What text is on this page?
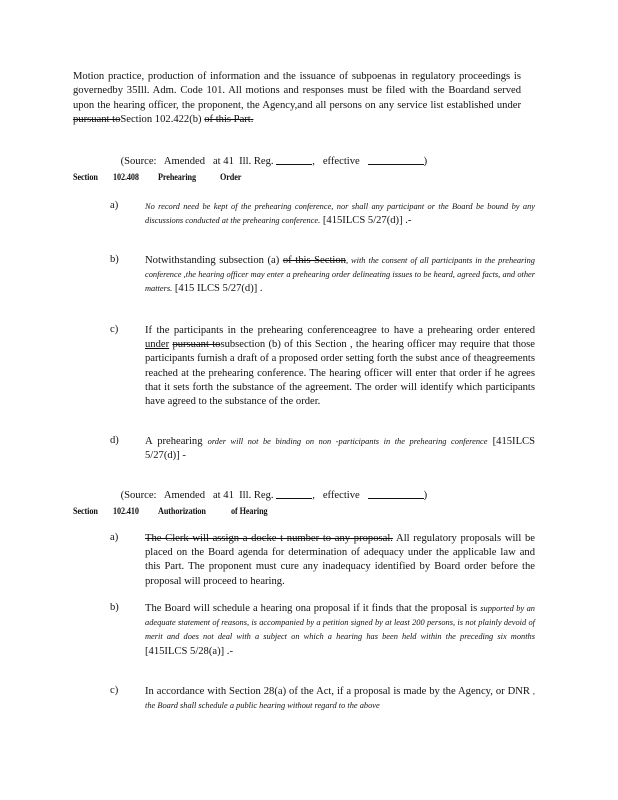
Motion practice, production of information and the issuance of subpoenas in regulatory proceedings is governedby 35Ill. Adm. Code 101. All motions and responses must be filed with the Boardand served upon the hearing officer, the proponent, the Agency,and all persons on any service list established under pursuant toSection 102.422(b) of this Part.

(Source:   Amended   at 41  Ill. Reg.	,   effective	)

Section 102.408 Prehearing	Order
a)	No record need be kept of the prehearing conference, nor shall any participant or the Board be bound by any discussions conducted at the prehearing conference. [415ILCS 5/27(d)] .-
b) Notwithstanding subsection (a) of this Section, with the consent of all participants in the prehearing conference ,the hearing officer may enter a prehearing order delineating issues to be heard, agreed facts, and other matters. [415 ILCS 5/27(d)] .
c)	If the participants in the prehearing conferenceagree to have a prehearing order entered under pursuant tosubsection (b) of this Section , the hearing officer may require that those participants furnish a draft of a proposed order setting forth the subst ance of theagreements reached at the prehearing conference. The hearing officer will enter that order if he agrees that it sets forth the substance of the agreement. The order will identify which participants have agreed to the substance of the order.
d) A prehearing order will not be binding on non -participants in the prehearing conference [415ILCS 5/27(d)] -

(Source:   Amended   at 41  Ill. Reg.	,   effective	)

Section 102.410 Authorization	of Hearing
a)	The Clerk will assign a docke t number to any proposal. All regulatory proposals will be placed on the Board agenda for determination of adequacy under the applicable law and this Part. The proponent must cure any inadequacy identified by Board order before the proposal will proceed to hearing.
b) The Board will schedule a hearing ona proposal if it finds that the proposal is supported by an adequate statement of reasons, is accompanied by a petition signed by at least 200 persons, is not plainly devoid of merit and does not deal with a subject on which a hearing has been held within the preceding six months [415ILCS 5/28(a)] .-
c)	In accordance with Section 28(a) of the Act, if a proposal is made by the Agency, or DNR , the Board shall schedule a public hearing without regard to the above
